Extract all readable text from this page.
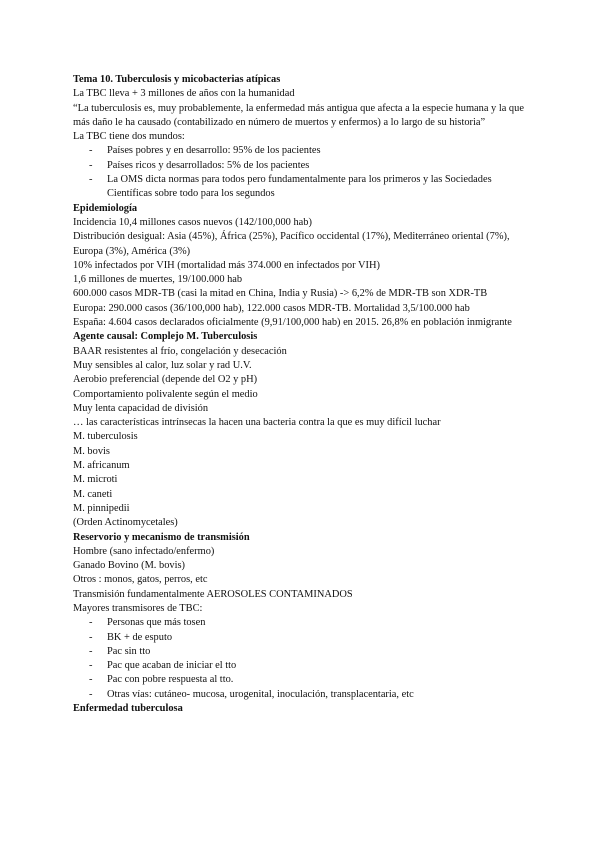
Tema 10. Tuberculosis y micobacterias atípicas

La TBC lleva + 3 millones de años con la humanidad

“La tuberculosis es, muy probablemente, la enfermedad más antigua que afecta a la especie humana y la que más daño le ha causado (contabilizado en número de muertos y enfermos) a lo largo de su historia”

La TBC tiene dos mundos:

- Países pobres y en desarrollo: 95% de los pacientes
- Países ricos y desarrollados: 5% de los pacientes
- La OMS dicta normas para todos pero fundamentalmente para los primeros y las Sociedades Científicas sobre todo para los segundos

Epidemiología

Incidencia 10,4 millones casos nuevos (142/100,000 hab)

Distribución desigual: Asia (45%), África (25%), Pacífico occidental (17%), Mediterráneo oriental (7%), Europa (3%), América (3%)

10% infectados por VIH (mortalidad más 374.000 en infectados por VIH)

1,6 millones de muertes, 19/100.000 hab

600.000 casos MDR-TB (casi la mitad en China, India y Rusia) -> 6,2% de MDR-TB son XDR-TB

Europa: 290.000 casos (36/100,000 hab), 122.000 casos MDR-TB. Mortalidad 3,5/100.000 hab

España: 4.604 casos declarados oficialmente (9,91/100,000 hab) en 2015. 26,8% en población inmigrante

Agente causal: Complejo M. Tuberculosis

BAAR resistentes al frío, congelación y desecación

Muy sensibles al calor, luz solar y rad U.V.

Aerobio preferencial (depende del O2 y pH)

Comportamiento polivalente según el medio

Muy lenta capacidad de división

… las características intrínsecas la hacen una bacteria contra la que es muy difícil luchar

M. tuberculosis

M. bovis

M. africanum

M. microti

M. caneti

M. pinnipedii

(Orden Actinomycetales)

Reservorio y mecanismo de transmisión

Hombre (sano infectado/enfermo)

Ganado Bovino (M. bovis)

Otros : monos, gatos, perros, etc

Transmisión fundamentalmente AEROSOLES CONTAMINADOS

Mayores transmisores de TBC:

- Personas que más tosen
- BK + de esputo
- Pac sin tto
- Pac que acaban de iniciar el tto
- Pac con pobre respuesta al tto.
- Otras vías: cutáneo- mucosa, urogenital, inoculación, transplacentaria, etc

Enfermedad tuberculosa
